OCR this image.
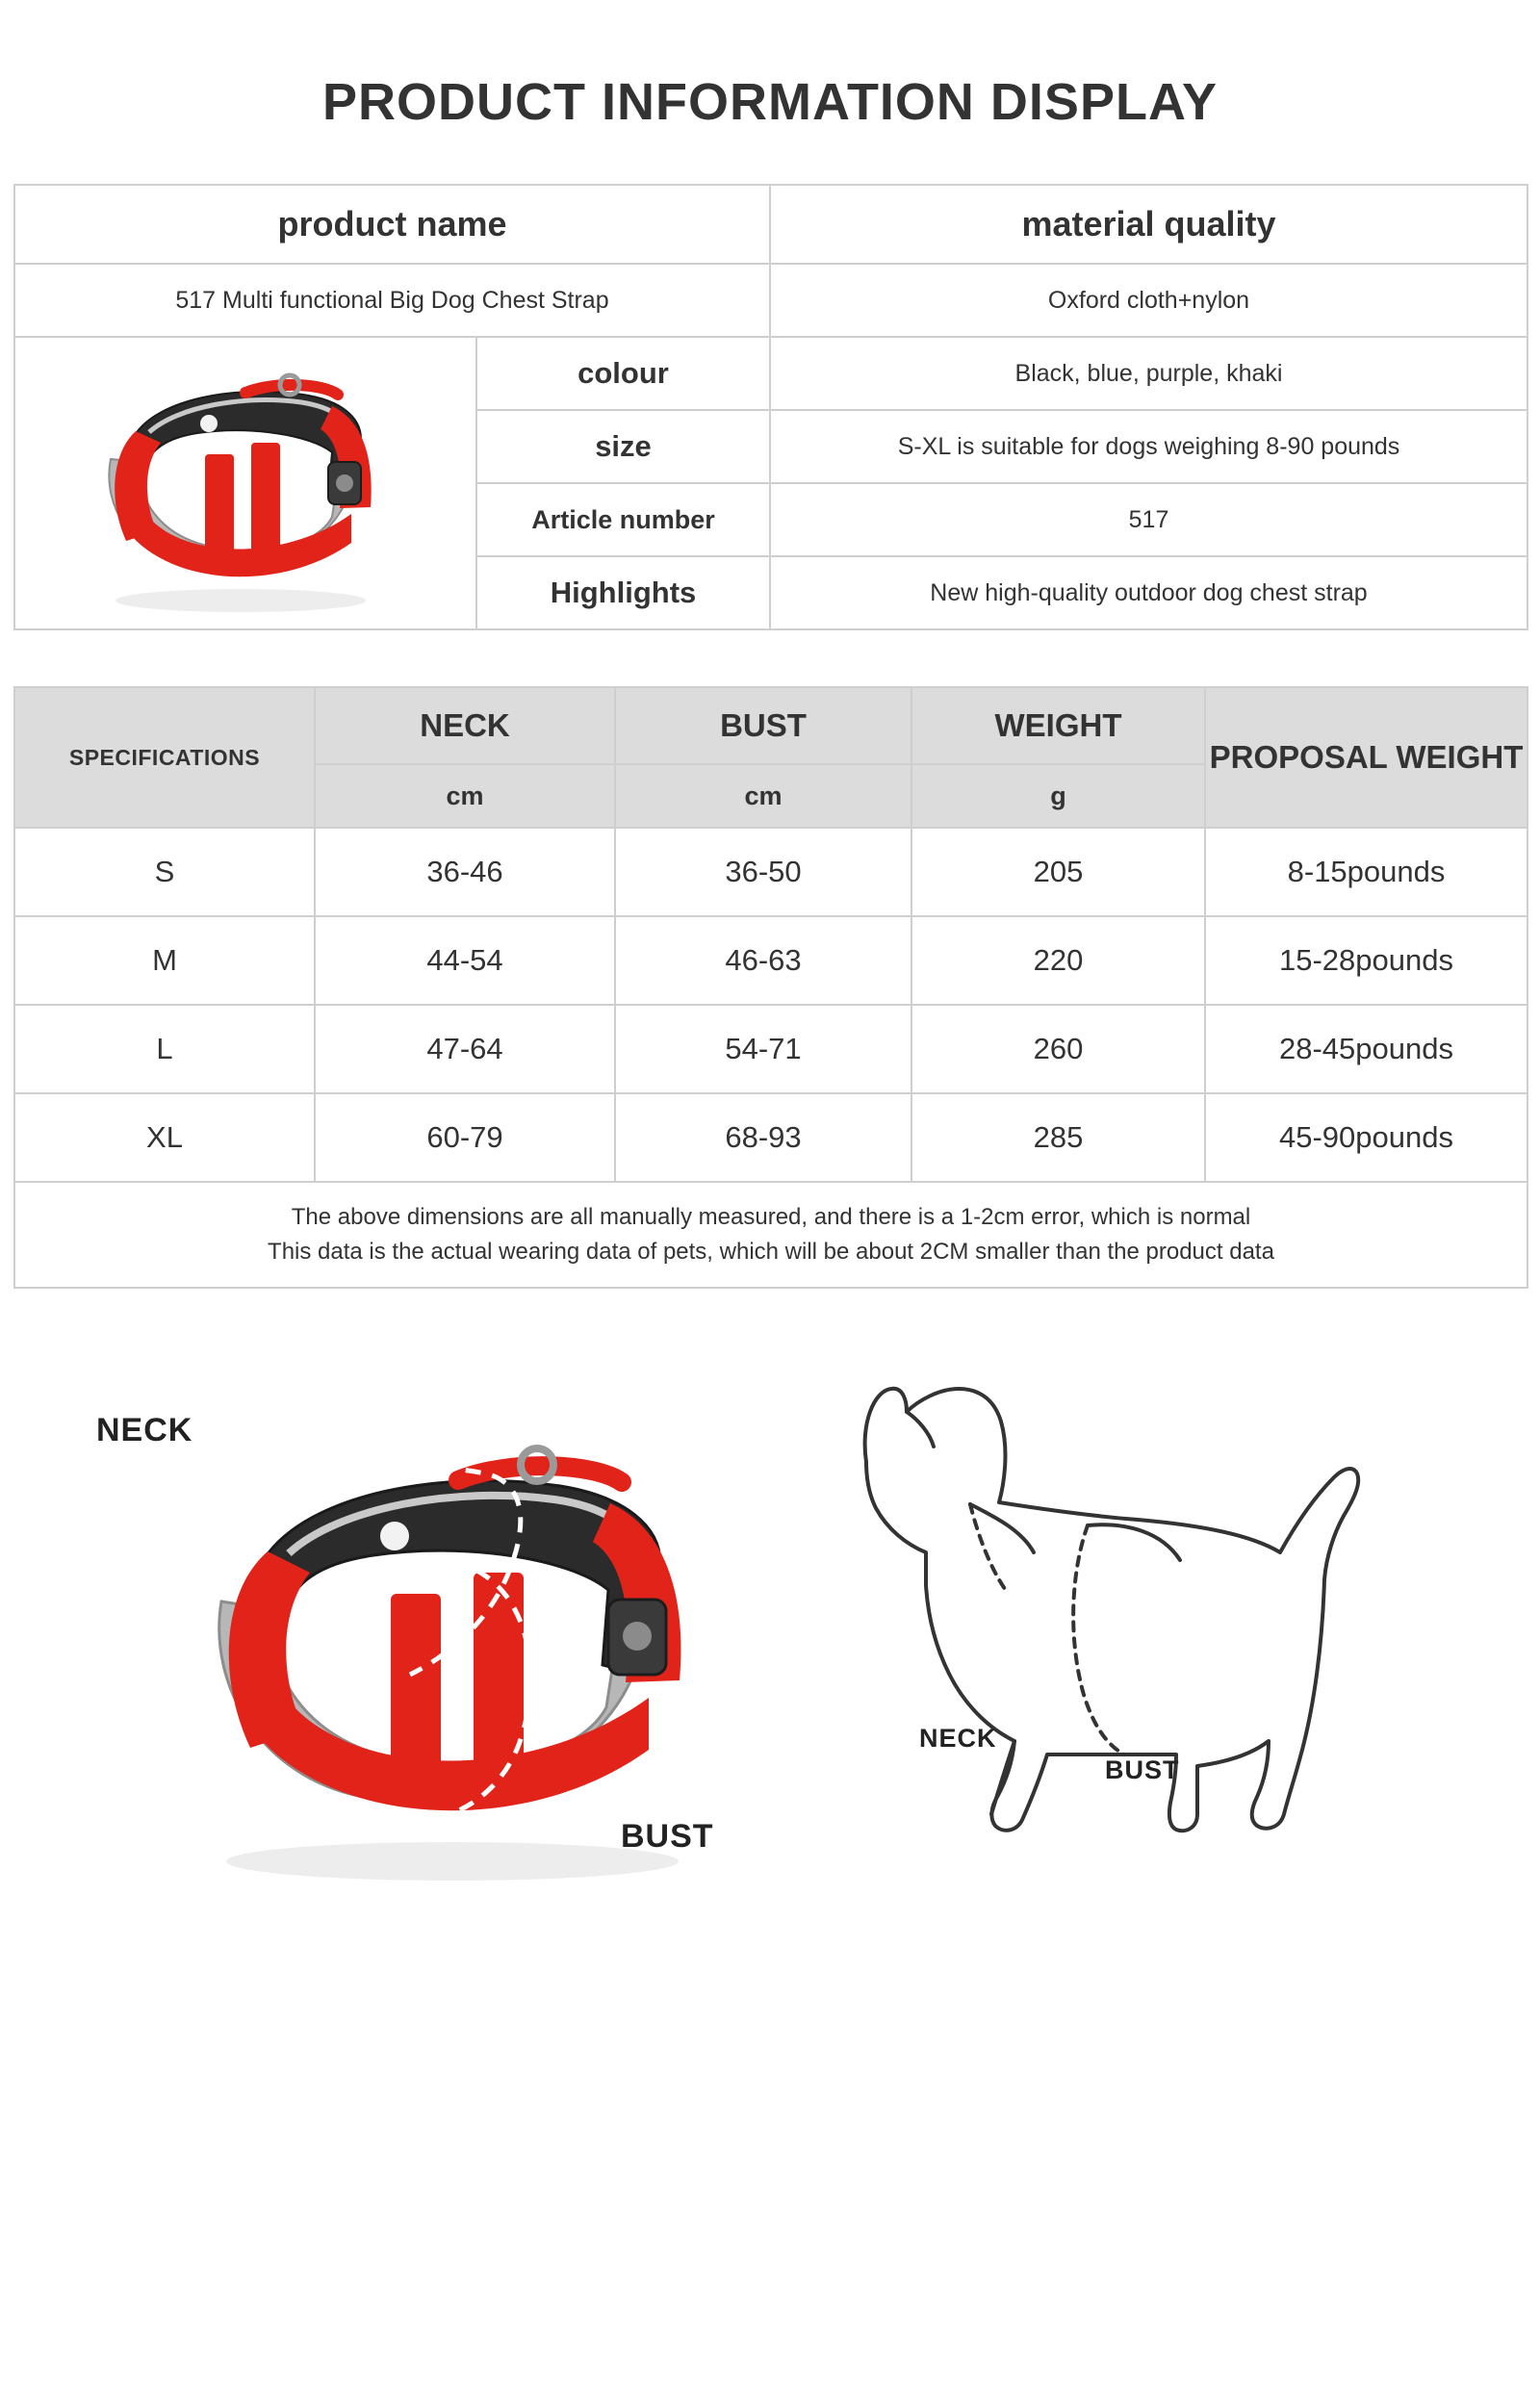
PRODUCT INFORMATION DISPLAY
product name		material quality
517 Multi functional Big Dog Chest Strap		Oxford cloth+nylon

	colour	Black, blue, purple, khaki
	size	S-XL is suitable for dogs weighing 8-90 pounds
	Article number	517
	Highlights	New high-quality outdoor dog chest strap
SPECIFICATIONS	NECK	BUST	WEIGHT	PROPOSAL WEIGHT
	cm	cm	g	
S	36-46	36-50	205	8-15pounds
M	44-54	46-63	220	15-28pounds
L	47-64	54-71	260	28-45pounds
XL	60-79	68-93	285	45-90pounds

The above dimensions are all manually measured, and there is a 1-2cm error, which is normal
This data is the actual wearing data of pets, which will be about 2CM smaller than the product data				
NECK
BUST
NECK
BUST
